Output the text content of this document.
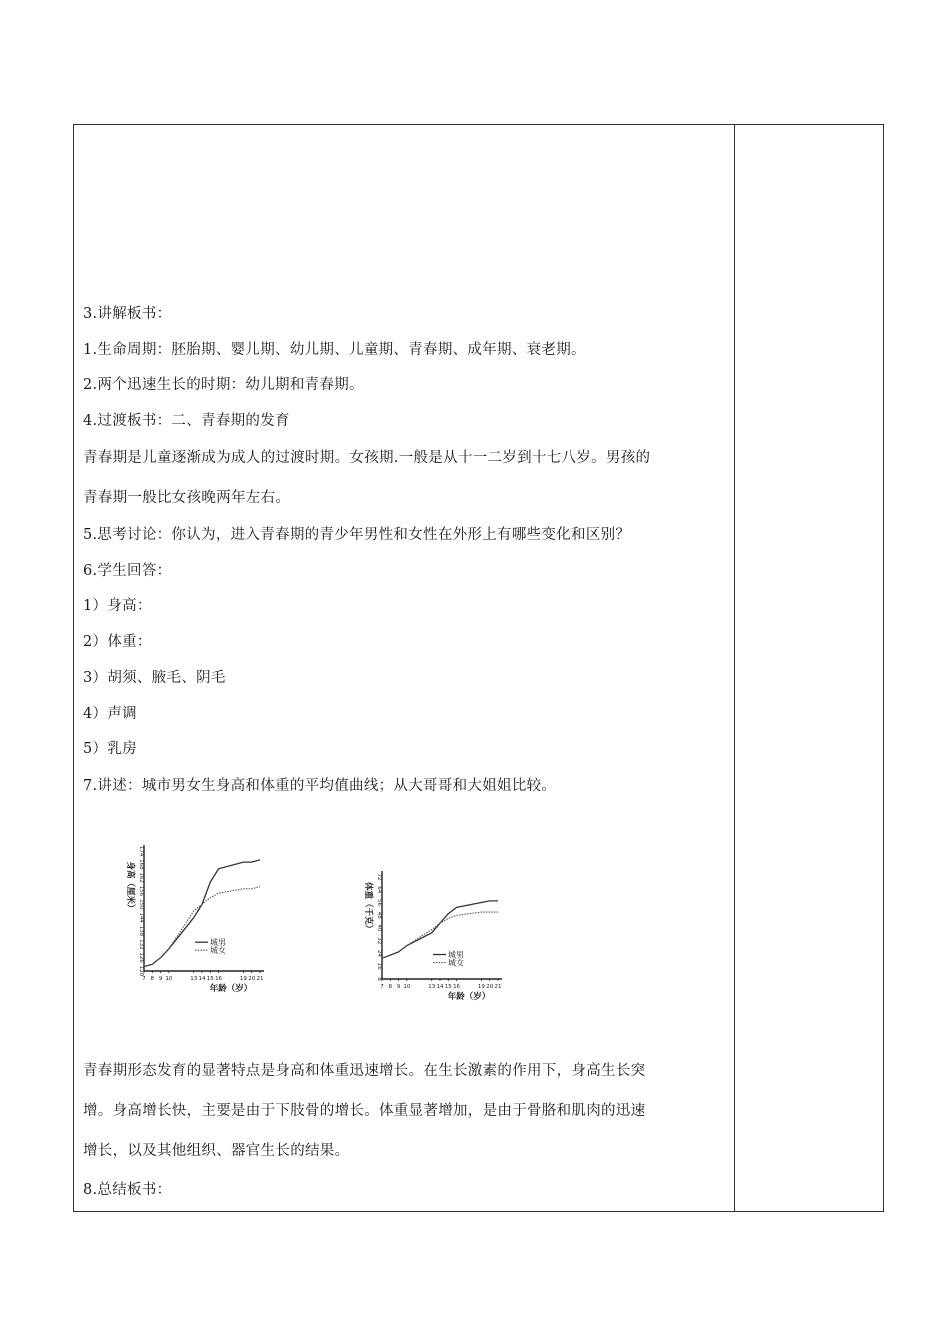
3.讲解板书：
1.生命周期：胚胎期、婴儿期、幼儿期、儿童期、青春期、成年期、衰老期。
2.两个迅速生长的时期：幼儿期和青春期。
4.过渡板书：二、青春期的发育
青春期是儿童逐渐成为成人的过渡时期。女孩期.一般是从十一二岁到十七八岁。男孩的
青春期一般比女孩晚两年左右。
5.思考讨论：你认为，进入青春期的青少年男性和女性在外形上有哪些变化和区别？
6.学生回答：
1）身高：
2）体重：
3）胡须、腋毛、阴毛
4）声调
5）乳房
7.讲述：城市男女生身高和体重的平均值曲线；从大哥哥和大姐姐比较。
青春期形态发育的显著特点是身高和体重迅速增长。在生长激素的作用下，身高生长突
增。身高增长快，主要是由于下肢骨的增长。体重显著增加，是由于骨胳和肌肉的迅速
增长，以及其他组织、器官生长的结果。
8.总结板书：
7 8 9 10	13 14 15 16	19 20 21
120
126
132
138
144
150
156
162
168
174
年龄（岁）
身高（厘米）
城男
城女
7 8 9 10	13 14 15 16	19 20 21
8
16
24
32
40
48
56
64
72
年龄（岁）
体重（千克）
城男
城女
